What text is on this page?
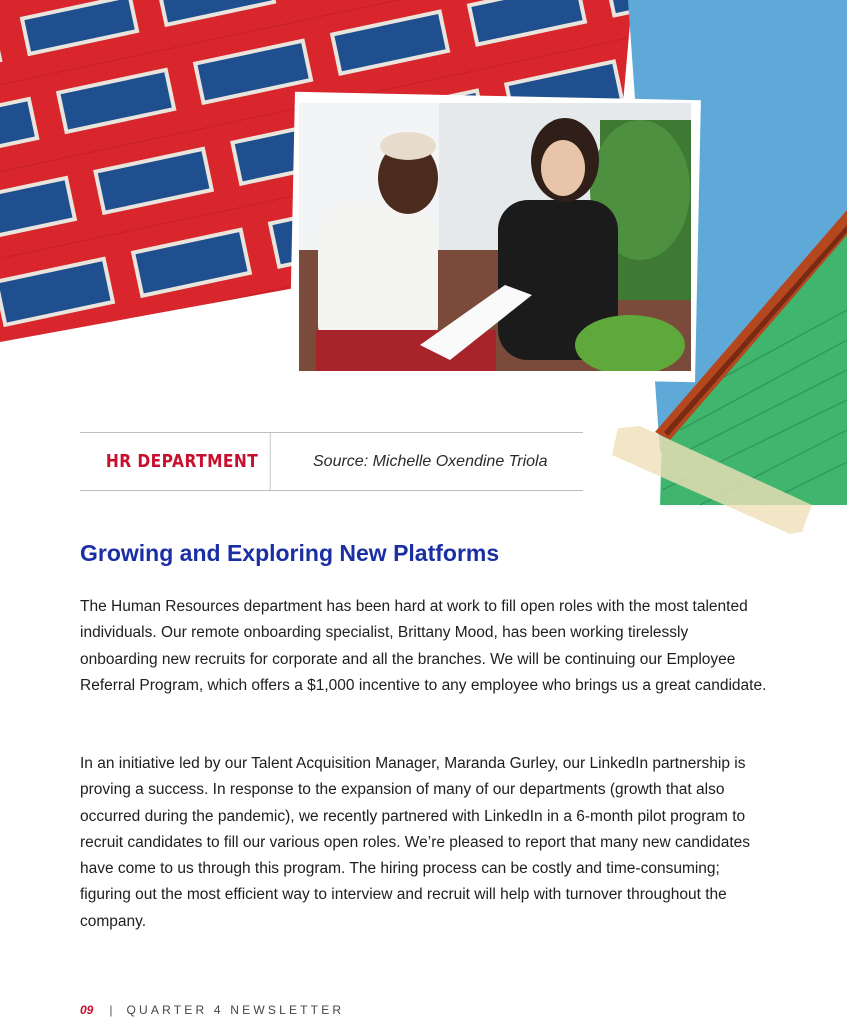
HR DEPARTMENT	Source: Michelle Oxendine Triola
Growing and Exploring New Platforms

The Human Resources department has been hard at work to fill open roles with the most talented individuals. Our remote onboarding specialist, Brittany Mood, has been working tirelessly onboarding new recruits for corporate and all the branches. We will be continuing our Employee Referral Program, which offers a $1,000 incentive to any employee who brings us a great candidate.

In an initiative led by our Talent Acquisition Manager, Maranda Gurley, our LinkedIn partnership is proving a success. In response to the expansion of many of our departments (growth that also occurred during the pandemic), we recently partnered with LinkedIn in a 6-month pilot program to recruit candidates to fill our various open roles. We’re pleased to report that many new candidates have come to us through this program. The hiring process can be costly and time-consuming; figuring out the most efficient way to interview and recruit will help with turnover throughout the company.

09 | QUARTER 4 NEWSLETTER
